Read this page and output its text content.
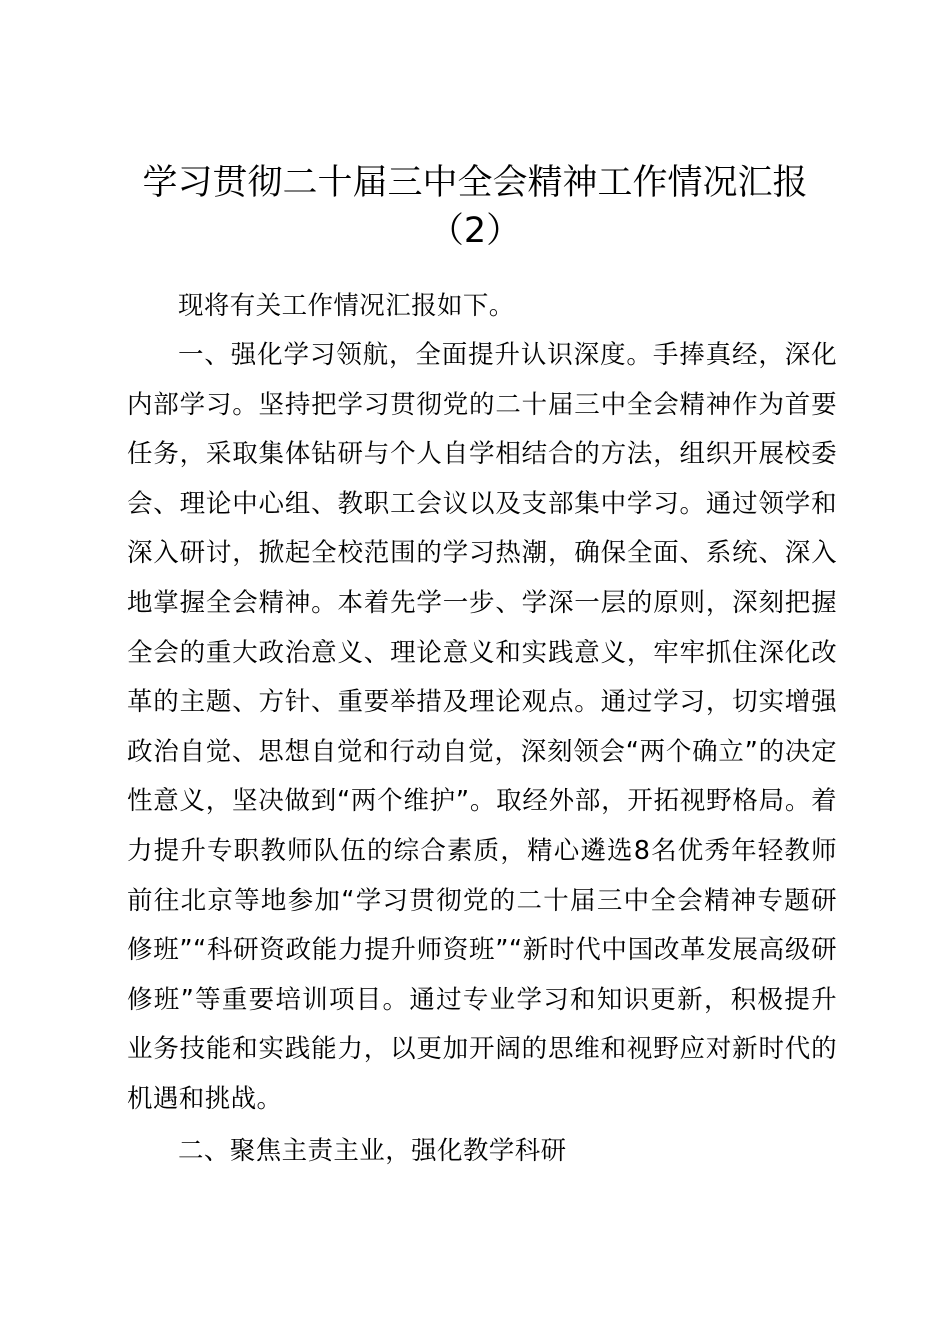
学习贯彻二十届三中全会精神工作情况汇报
（2）
现将有关工作情况汇报如下。
一、强化学习领航，全面提升认识深度。手捧真经，深化内部学习。坚持把学习贯彻党的二十届三中全会精神作为首要任务，采取集体钻研与个人自学相结合的方法，组织开展校委会、理论中心组、教职工会议以及支部集中学习。通过领学和深入研讨，掀起全校范围的学习热潮，确保全面、系统、深入地掌握全会精神。本着先学一步、学深一层的原则，深刻把握全会的重大政治意义、理论意义和实践意义，牢牢抓住深化改革的主题、方针、重要举措及理论观点。通过学习，切实增强政治自觉、思想自觉和行动自觉，深刻领会“两个确立”的决定性意义，坚决做到“两个维护”。取经外部，开拓视野格局。着力提升专职教师队伍的综合素质，精心遴选8名优秀年轻教师前往北京等地参加“学习贯彻党的二十届三中全会精神专题研修班”“科研资政能力提升师资班”“新时代中国改革发展高级研修班”等重要培训项目。通过专业学习和知识更新，积极提升业务技能和实践能力，以更加开阔的思维和视野应对新时代的机遇和挑战。
二、聚焦主责主业，强化教学科研
